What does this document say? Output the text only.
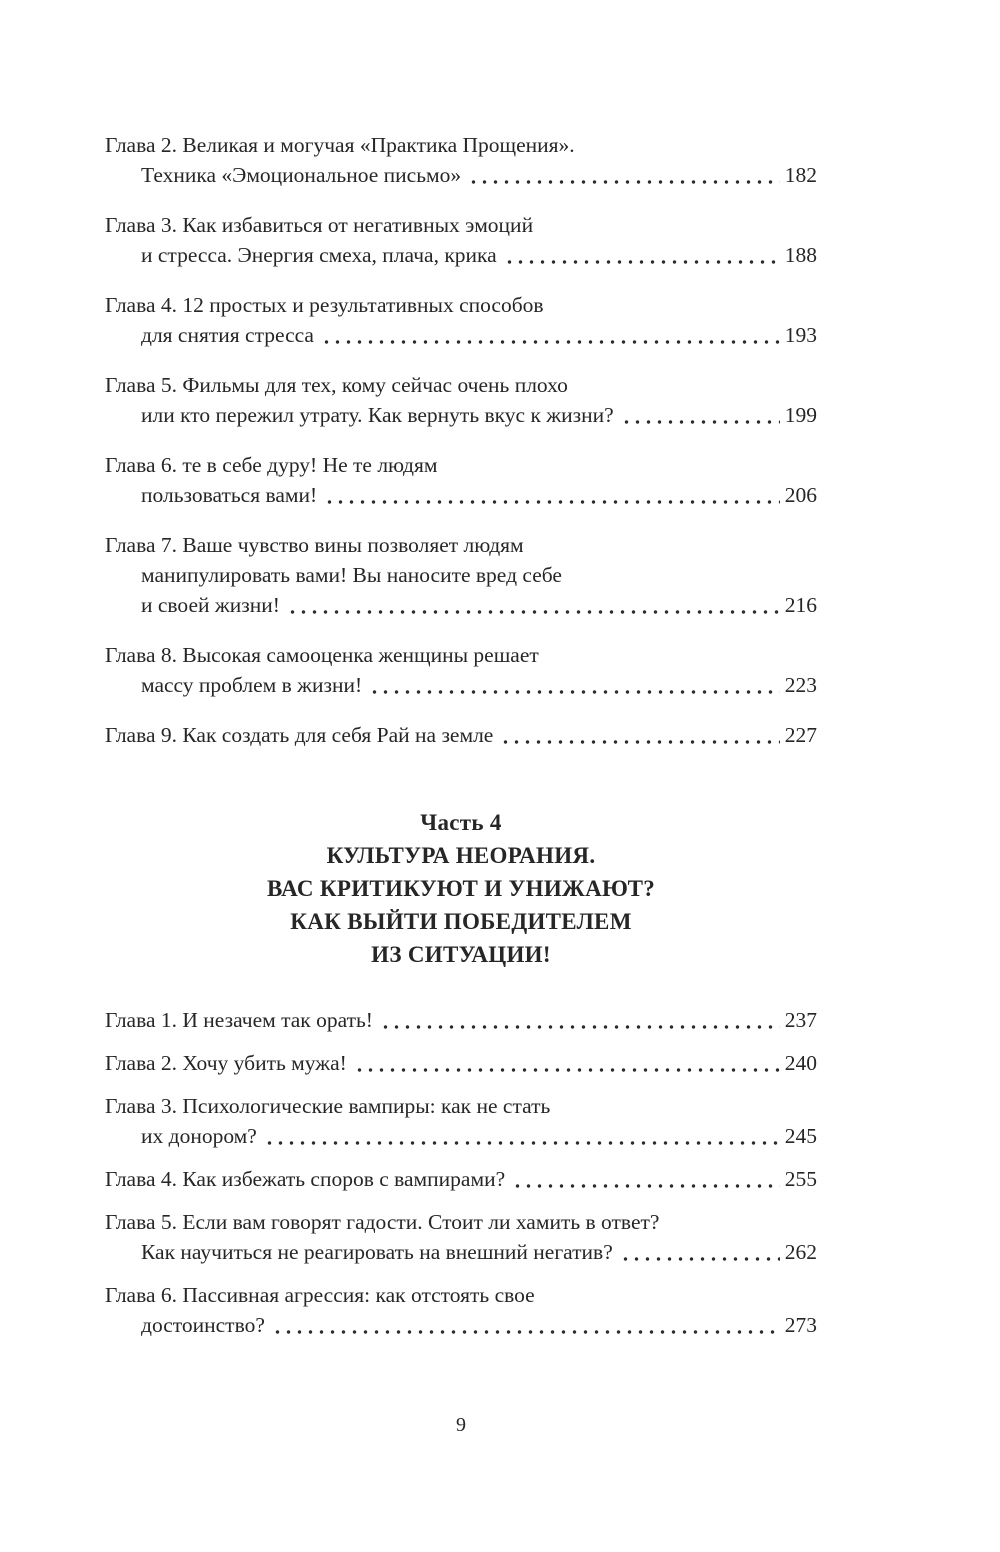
Глава 2. Великая и могучая «Практика Прощения».
Техника «Эмоциональное письмо»	182
Глава 3. Как избавиться от негативных эмоций
и стресса. Энергия смеха, плача, крика	188
Глава 4. 12 простых и результативных способов
для снятия стресса	193
Глава 5. Фильмы для тех, кому сейчас очень плохо
или кто пережил утрату. Как вернуть вкус к жизни?	199
Глава 6. те в себе дуру! Не те людям
пользоваться вами!	206
Глава 7. Ваше чувство вины позволяет людям
манипулировать вами! Вы наносите вред себе
и своей жизни!	216
Глава 8. Высокая самооценка женщины решает
массу проблем в жизни!	223
Глава 9. Как создать для себя Рай на земле	227
Часть 4
КУЛЬТУРА НЕОРАНИЯ.
ВАС КРИТИКУЮТ И УНИЖАЮТ?
КАК ВЫЙТИ ПОБЕДИТЕЛЕМ
ИЗ СИТУАЦИИ!
Глава 1. И незачем так орать!	237
Глава 2. Хочу убить мужа!	240
Глава 3. Психологические вампиры: как не стать
их донором?	245
Глава 4. Как избежать споров с вампирами?	255
Глава 5. Если вам говорят гадости. Стоит ли хамить в ответ?
Как научиться не реагировать на внешний негатив?	262
Глава 6. Пассивная агрессия: как отстоять свое
достоинство?	273
9
